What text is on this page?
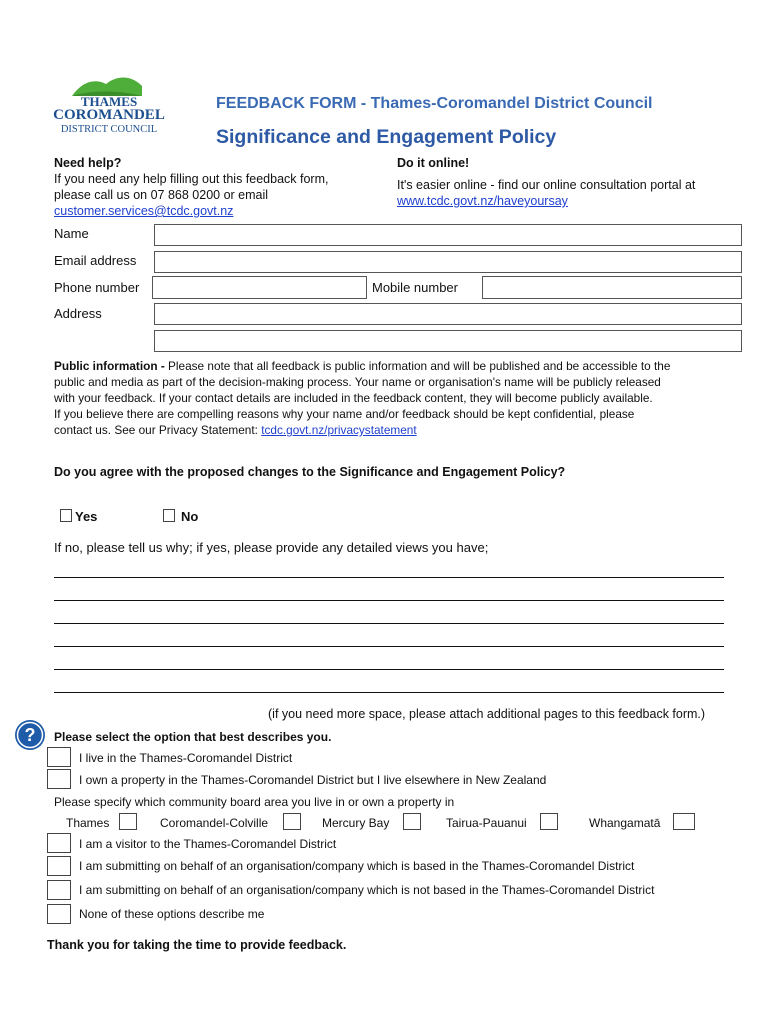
THAMES
COROMANDEL
DISTRICT COUNCIL
FEEDBACK FORM - Thames-Coromandel District Council
Significance and Engagement Policy
Need help?
If you need any help filling out this feedback form,
please call us on 07 868 0200 or email
customer.services@tcdc.govt.nz
Do it online!
It's easier online - find our online consultation portal at
www.tcdc.govt.nz/haveyoursay
Name
Email address
Phone number	Mobile number
Address
Public information - Please note that all feedback is public information and will be published and be accessible to the
public and media as part of the decision-making process. Your name or organisation's name will be publicly released
with your feedback. If your contact details are included in the feedback content, they will become publicly available.
If you believe there are compelling reasons why your name and/or feedback should be kept confidential, please
contact us. See our Privacy Statement: tcdc.govt.nz/privacystatement
Do you agree with the proposed changes to the Significance and Engagement Policy?
Yes	No
If no, please tell us why; if yes, please provide any detailed views you have;
(if you need more space, please attach additional pages to this feedback form.)
? Please select the option that best describes you.
I live in the Thames-Coromandel District
I own a property in the Thames-Coromandel District but I live elsewhere in New Zealand
Please specify which community board area you live in or own a property in
Thames	Coromandel-Colville	Mercury Bay	Tairua-Pauanui	Whangamatā
I am a visitor to the Thames-Coromandel District
I am submitting on behalf of an organisation/company which is based in the Thames-Coromandel District
I am submitting on behalf of an organisation/company which is not based in the Thames-Coromandel District
None of these options describe me
Thank you for taking the time to provide feedback.
